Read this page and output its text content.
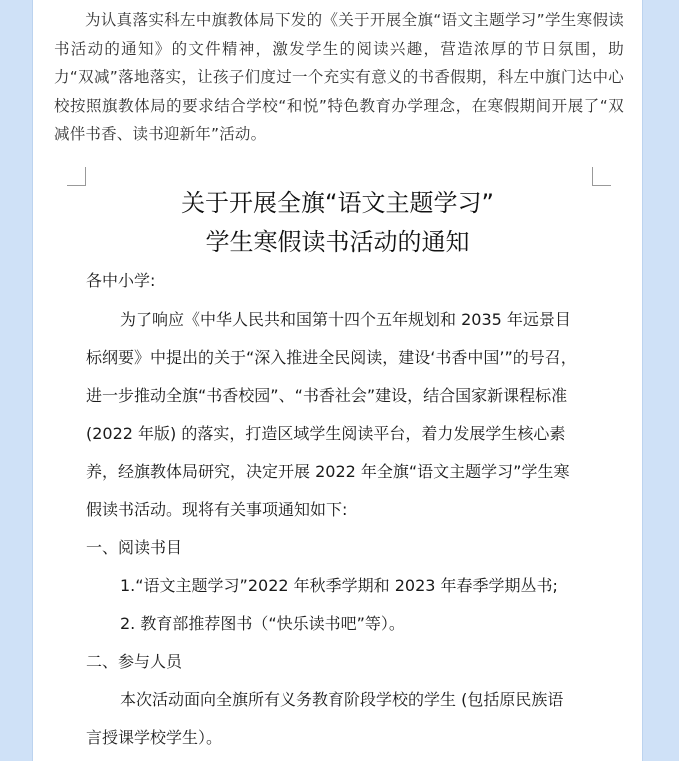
为认真落实科左中旗教体局下发的《关于开展全旗“语文主题学习”学生寒假读书活动的通知》的文件精神，激发学生的阅读兴趣，营造浓厚的节日氛围，助力“双减”落地落实，让孩子们度过一个充实有意义的书香假期，科左中旗门达中心校按照旗教体局的要求结合学校“和悦”特色教育办学理念，在寒假期间开展了“双减伴书香、读书迎新年”活动。

关于开展全旗“语文主题学习”
学生寒假读书活动的通知

各中小学:

为了响应《中华人民共和国第十四个五年规划和 2035 年远景目

标纲要》中提出的关于“深入推进全民阅读，建设‘书香中国’”的号召，

进一步推动全旗“书香校园”、“书香社会”建设，结合国家新课程标准

(2022 年版) 的落实，打造区域学生阅读平台，着力发展学生核心素

养，经旗教体局研究，决定开展 2022 年全旗“语文主题学习”学生寒

假读书活动。现将有关事项通知如下:

一、阅读书目

1.“语文主题学习”2022 年秋季学期和 2023 年春季学期丛书;

2. 教育部推荐图书（“快乐读书吧”等）。

二、参与人员

本次活动面向全旗所有义务教育阶段学校的学生 (包括原民族语

言授课学校学生）。
